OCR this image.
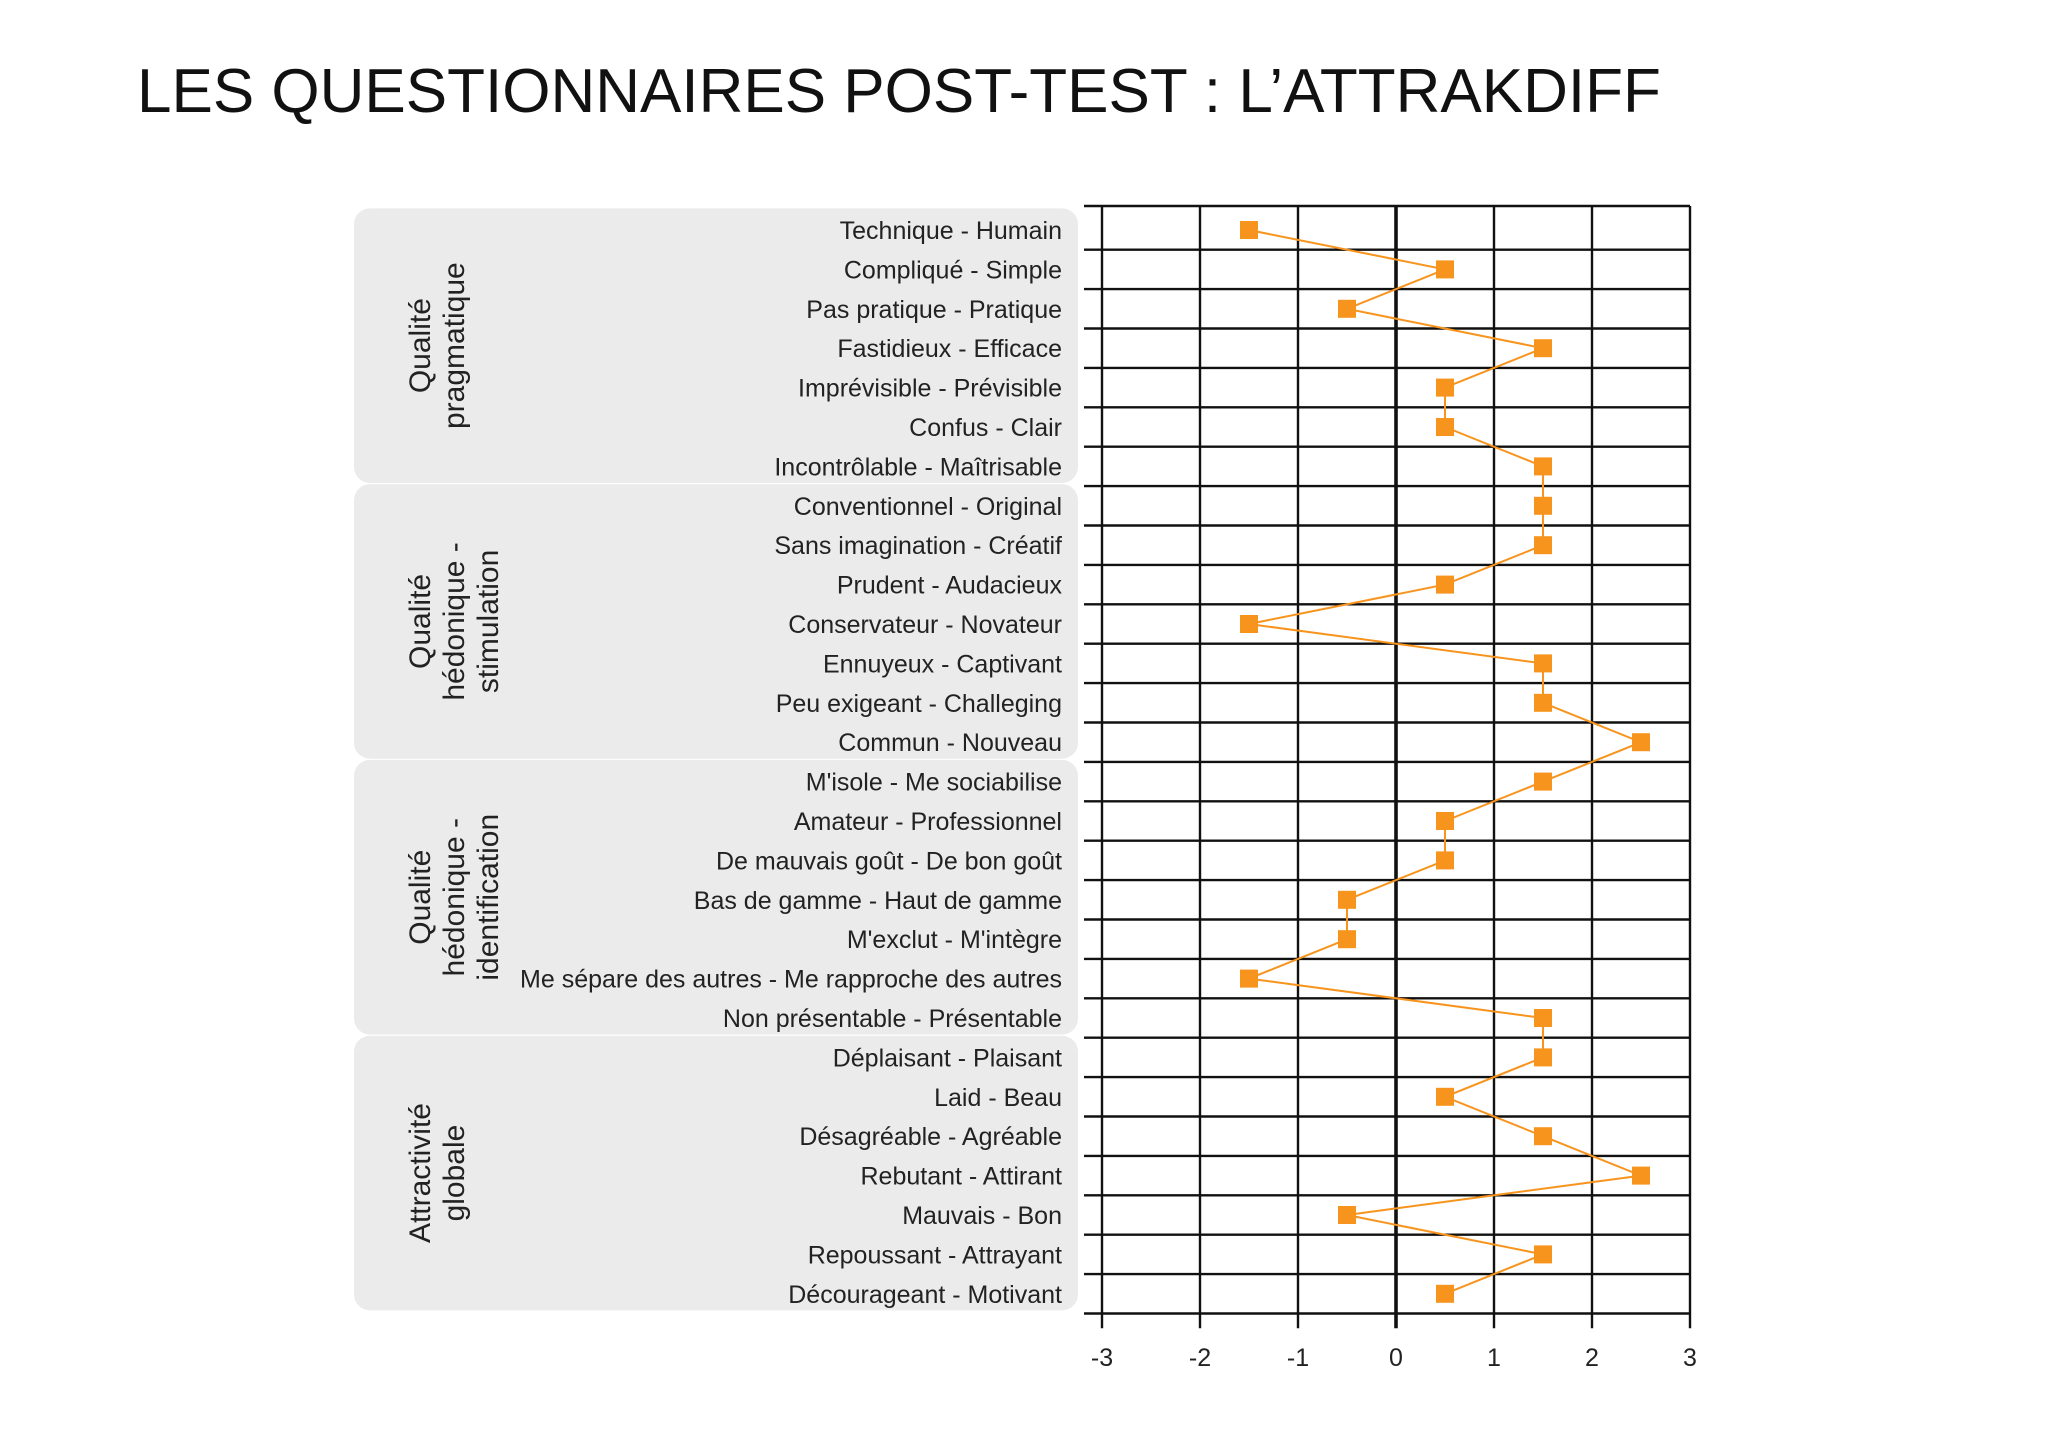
LES QUESTIONNAIRES POST-TEST : L’ATTRAKDIFF
Qualitépragmatique
Qualitéhédonique -stimulation
Qualitéhédonique -identification
Attractivitéglobale
Technique - Humain
Compliqué - Simple
Pas pratique - Pratique
Fastidieux - Efficace
Imprévisible - Prévisible
Confus - Clair
Incontrôlable - Maîtrisable
Conventionnel - Original
Sans imagination - Créatif
Prudent - Audacieux
Conservateur - Novateur
Ennuyeux - Captivant
Peu exigeant - Challeging
Commun - Nouveau
M'isole - Me sociabilise
Amateur - Professionnel
De mauvais goût - De bon goût
Bas de gamme - Haut de gamme
M'exclut - M'intègre
Me sépare des autres - Me rapproche des autres
Non présentable - Présentable
Déplaisant - Plaisant
Laid - Beau
Désagréable - Agréable
Rebutant - Attirant
Mauvais - Bon
Repoussant - Attrayant
Décourageant - Motivant
-3	-2	-1	0	1	2	3
